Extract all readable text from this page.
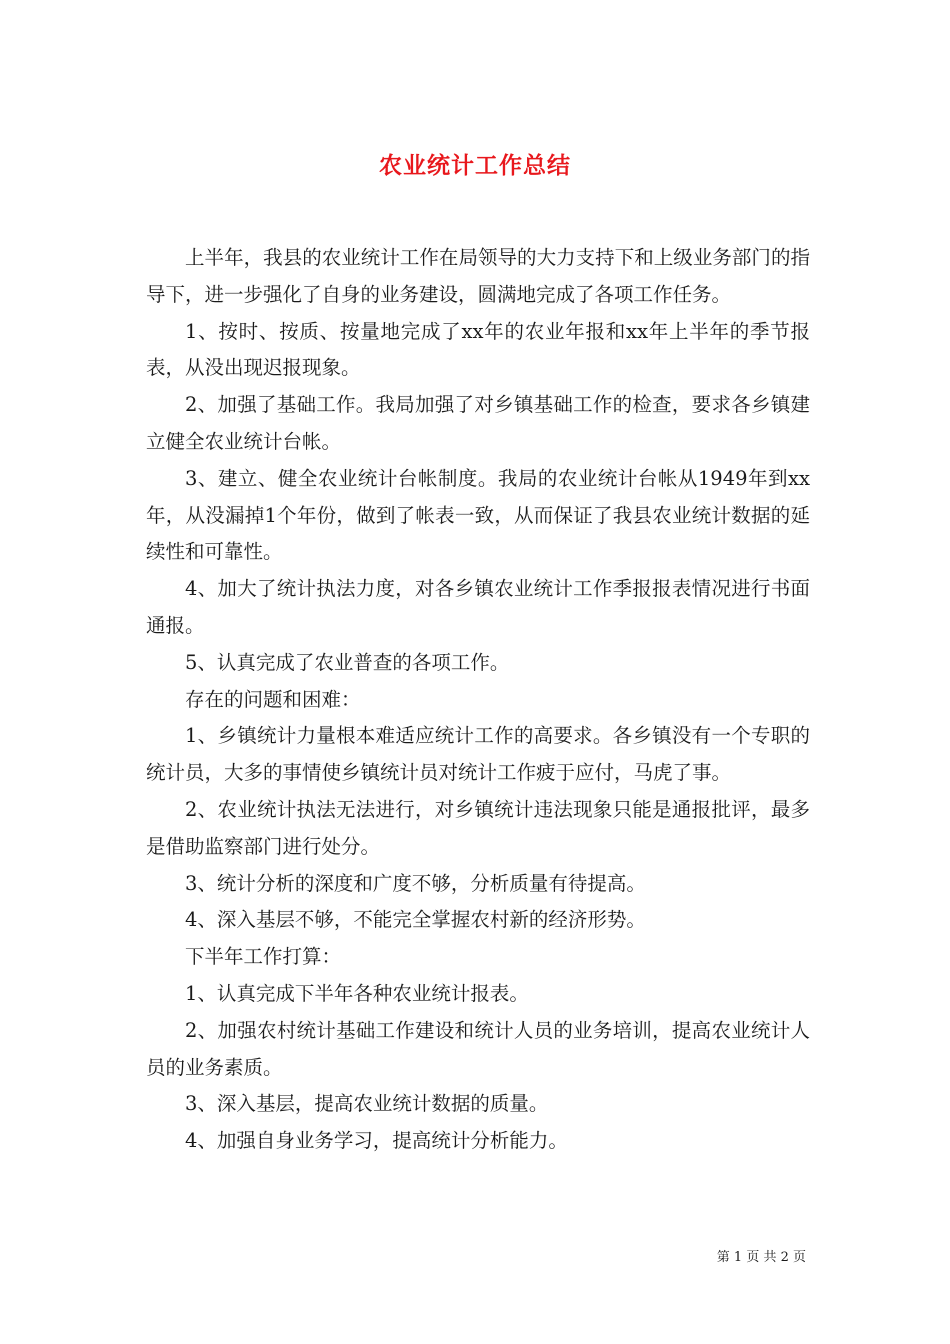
农业统计工作总结

上半年，我县的农业统计工作在局领导的大力支持下和上级业务部门的指导下，进一步强化了自身的业务建设，圆满地完成了各项工作任务。

1、按时、按质、按量地完成了xx年的农业年报和xx年上半年的季节报表，从没出现迟报现象。

2、加强了基础工作。我局加强了对乡镇基础工作的检查，要求各乡镇建立健全农业统计台帐。

3、建立、健全农业统计台帐制度。我局的农业统计台帐从1949年到xx年，从没漏掉1个年份，做到了帐表一致，从而保证了我县农业统计数据的延续性和可靠性。

4、加大了统计执法力度，对各乡镇农业统计工作季报报表情况进行书面通报。

5、认真完成了农业普查的各项工作。

存在的问题和困难：

1、乡镇统计力量根本难适应统计工作的高要求。各乡镇没有一个专职的统计员，大多的事情使乡镇统计员对统计工作疲于应付，马虎了事。

2、农业统计执法无法进行，对乡镇统计违法现象只能是通报批评，最多是借助监察部门进行处分。

3、统计分析的深度和广度不够，分析质量有待提高。

4、深入基层不够，不能完全掌握农村新的经济形势。

下半年工作打算：

1、认真完成下半年各种农业统计报表。

2、加强农村统计基础工作建设和统计人员的业务培训，提高农业统计人员的业务素质。

3、深入基层，提高农业统计数据的质量。

4、加强自身业务学习，提高统计分析能力。

第 1 页 共 2 页
